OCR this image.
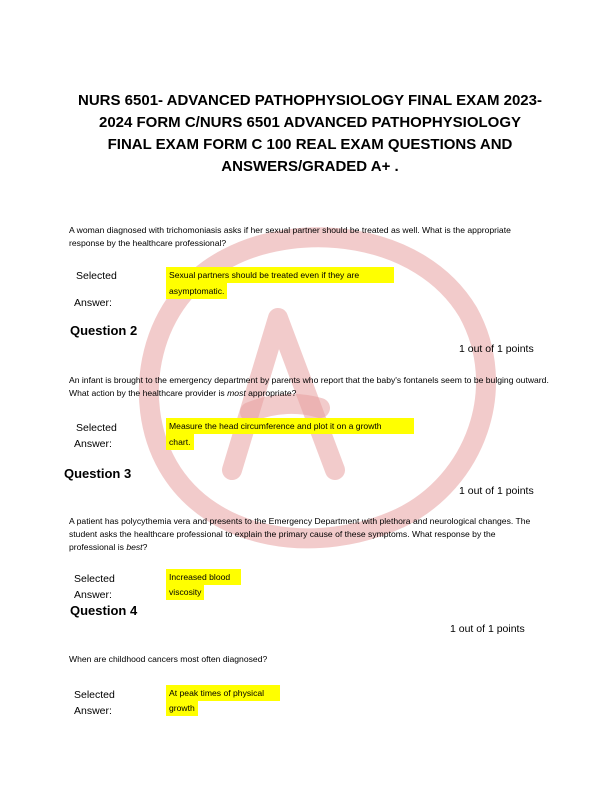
NURS 6501- ADVANCED PATHOPHYSIOLOGY FINAL EXAM 2023-
2024 FORM C/NURS 6501 ADVANCED PATHOPHYSIOLOGY
FINAL EXAM FORM C 100 REAL EXAM QUESTIONS AND
ANSWERS/GRADED A+ .
A woman diagnosed with trichomoniasis asks if her sexual partner should be treated as well. What is the appropriate response by the healthcare professional?
Selected
Answer:
Sexual partners should be treated even if they are
asymptomatic.
Question 2
1 out of 1 points
An infant is brought to the emergency department by parents who report that the baby's fontanels seem to be bulging outward. What action by the healthcare provider is most appropriate?
Selected
Answer:
Measure the head circumference and plot it on a growth
chart.
Question 3
1 out of 1 points
A patient has polycythemia vera and presents to the Emergency Department with plethora and neurological changes. The student asks the healthcare professional to explain the primary cause of these symptoms. What response by the professional is best?
Selected
Answer:
Increased blood
viscosity
Question 4
1 out of 1 points
When are childhood cancers most often diagnosed?
Selected
Answer:
At peak times of physical
growth
